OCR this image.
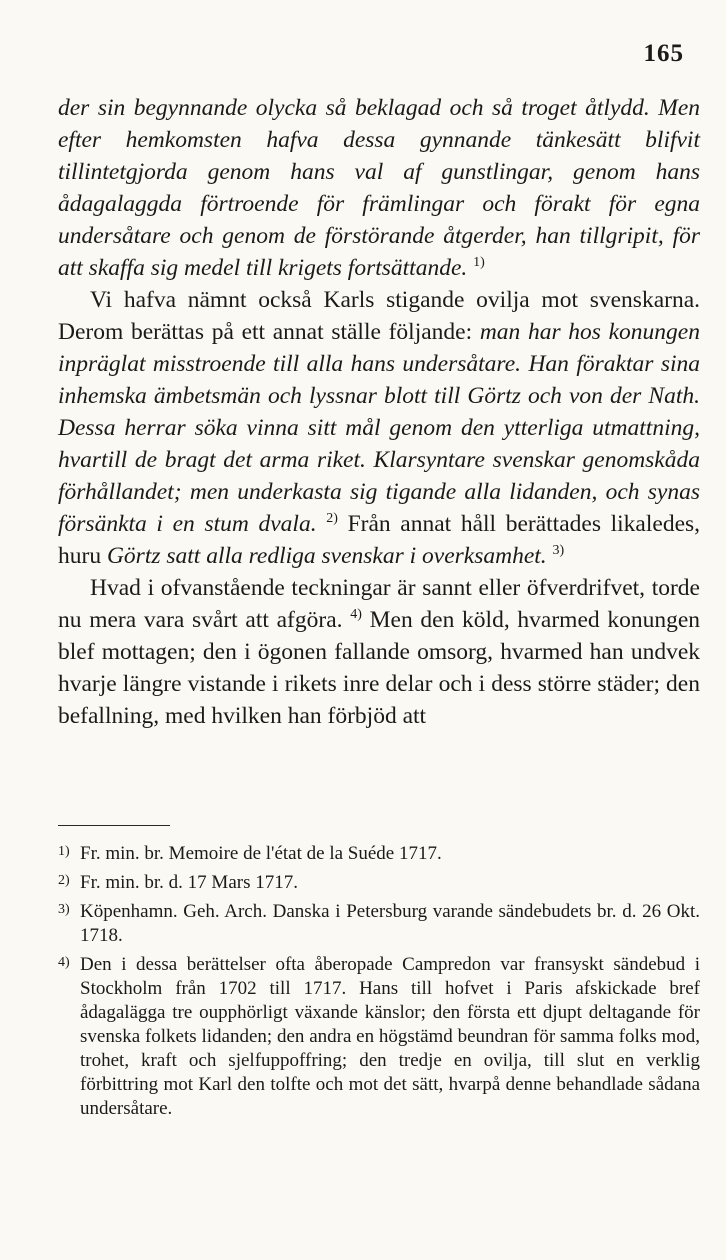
165

der sin begynnande olycka så beklagad och så troget åtlydd. Men efter hemkomsten hafva dessa gynnande tänkesätt blifvit tillintetgjorda genom hans val af gunstlingar, genom hans ådagalaggda förtroende för främlingar och förakt för egna undersåtare och genom de förstörande åtgerder, han tillgripit, för att skaffa sig medel till krigets fortsättande. $^{1)}$

Vi hafva nämnt också Karls stigande ovilja mot svenskarna. Derom berättas på ett annat ställe följande: man har hos konungen inpräglat misstroende till alla hans undersåtare. Han föraktar sina inhemska ämbetsmän och lyssnar blott till Görtz och von der Nath. Dessa herrar söka vinna sitt mål genom den ytterliga utmattning, hvartill de bragt det arma riket. Klarsyntare svenskar genomskåda förhållandet; men underkasta sig tigande alla lidanden, och synas försänkta i en stum dvala. $^{2)}$ Från annat håll berättades likaledes, huru Görtz satt alla redliga svenskar i overksamhet. $^{3)}$

Hvad i ofvanstående teckningar är sannt eller öfverdrifvet, torde nu mera vara svårt att afgöra. $^{4)}$ Men den köld, hvarmed konungen blef mottagen; den i ögonen fallande omsorg, hvarmed han undvek hvarje längre vistande i rikets inre delar och i dess större städer; den befallning, med hvilken han förbjöd att

1) Fr. min. br. Memoire de l'état de la Suéde 1717.

2) Fr. min. br. d. 17 Mars 1717.

3) Köpenhamn. Geh. Arch. Danska i Petersburg varande sändebudets br. d. 26 Okt. 1718.

4) Den i dessa berättelser ofta åberopade Campredon var fransyskt sändebud i Stockholm från 1702 till 1717. Hans till hofvet i Paris afskickade bref ådagalägga tre oupphörligt växande känslor; den första ett djupt deltagande för svenska folkets lidanden; den andra en högstämd beundran för samma folks mod, trohet, kraft och sjelfuppoffring; den tredje en ovilja, till slut en verklig förbittring mot Karl den tolfte och mot det sätt, hvarpå denne behandlade sådana undersåtare.
